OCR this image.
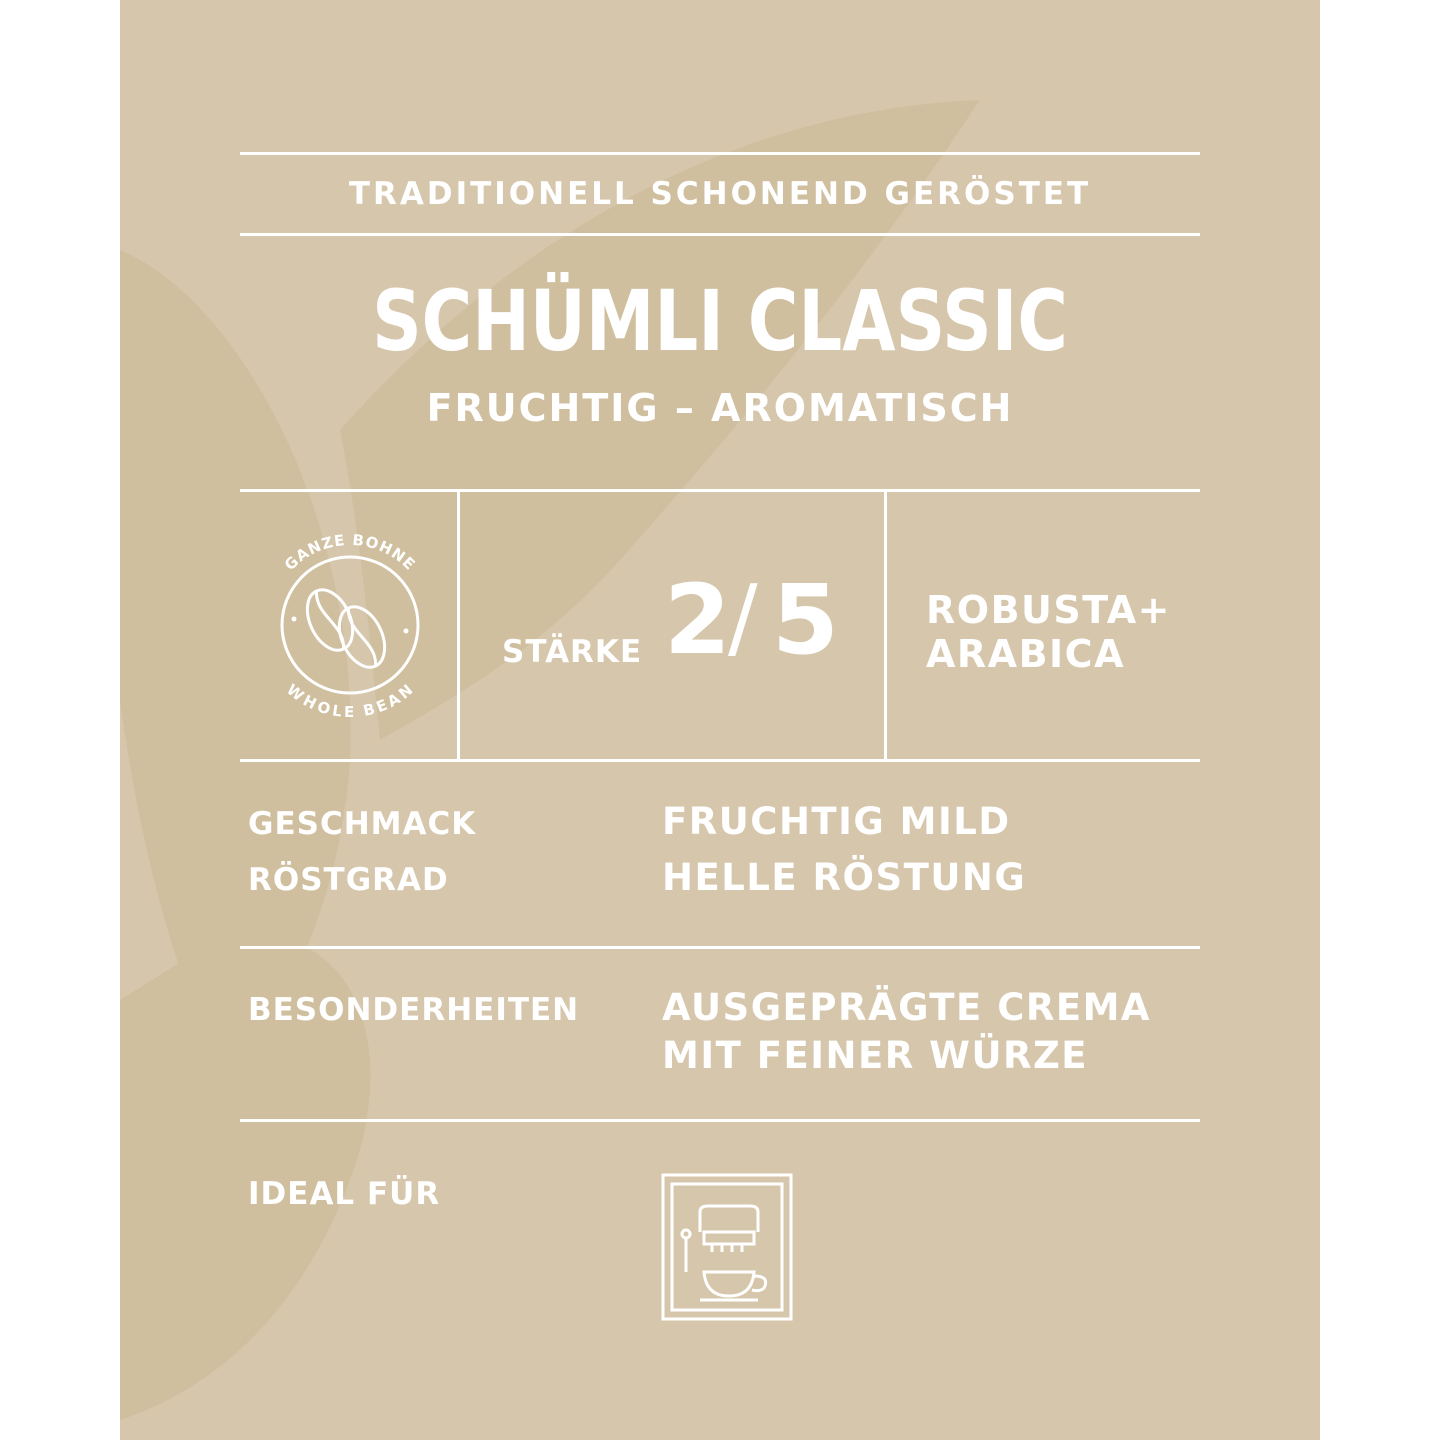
TRADITIONELL SCHONEND GERÖSTET
SCHÜMLI CLASSIC
FRUCHTIG – AROMATISCH
GANZE BOHNE
WHOLE BEAN
STÄRKE 2
/ 5 ROBUSTA+
ARABICA
GESCHMACK	FRUCHTIG MILD
RÖSTGRAD	HELLE RÖSTUNG
BESONDERHEITEN AUSGEPRÄGTE CREMA
MIT FEINER WÜRZE
IDEAL FÜR
